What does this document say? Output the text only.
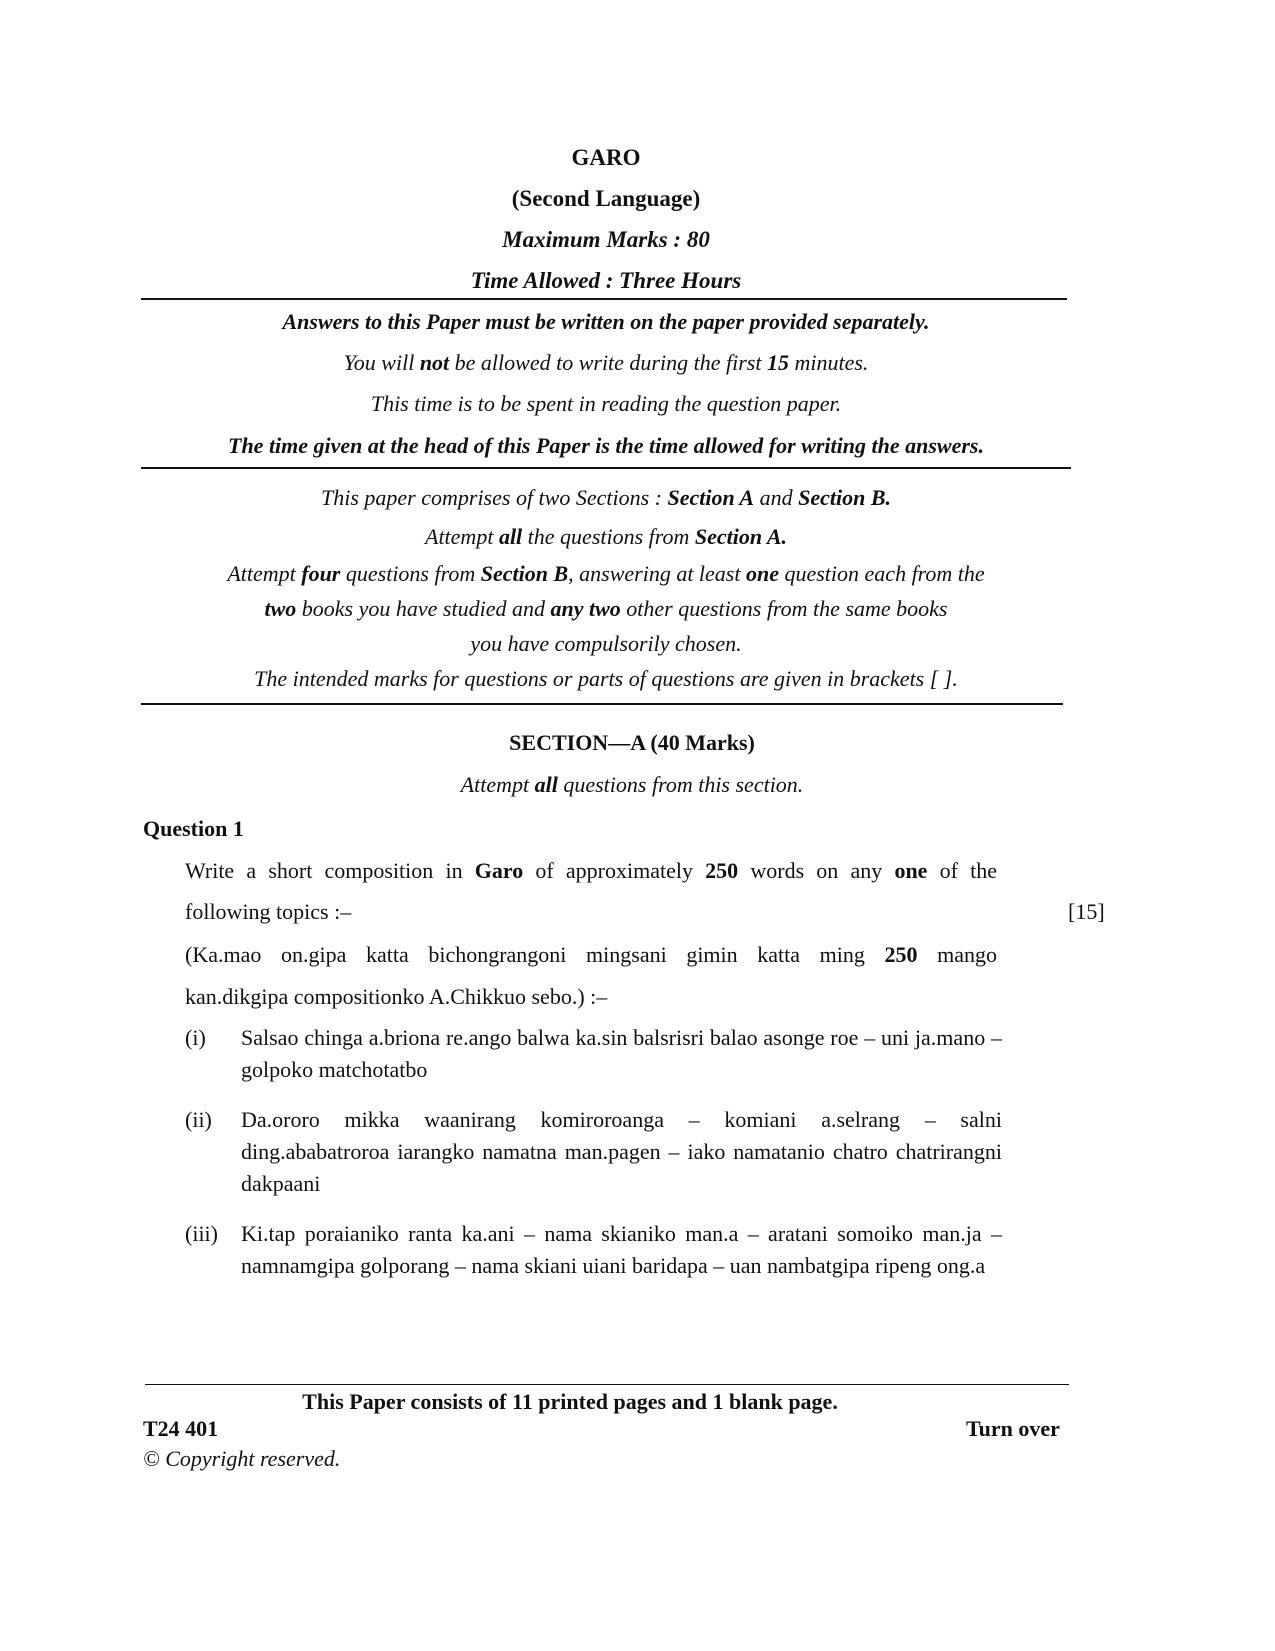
GARO
(Second Language)
Maximum Marks : 80
Time Allowed : Three Hours
Answers to this Paper must be written on the paper provided separately.
You will not be allowed to write during the first 15 minutes.
This time is to be spent in reading the question paper.
The time given at the head of this Paper is the time allowed for writing the answers.
This paper comprises of two Sections : Section A and Section B.
Attempt all the questions from Section A.
Attempt four questions from Section B, answering at least one question each from the
two books you have studied and any two other questions from the same books
you have compulsorily chosen.
The intended marks for questions or parts of questions are given in brackets [ ].
SECTION—A (40 Marks)
Attempt all questions from this section.
Question 1
Write a short composition in Garo of approximately 250 words on any one of the
following topics :–	[15]
(Ka.mao on.gipa katta bichongrangoni mingsani gimin katta ming 250 mango
kan.dikgipa compositionko A.Chikkuo sebo.) :–
(i) Salsao chinga a.briona re.ango balwa ka.sin balsrisri balao asonge roe – uni ja.mano –golpoko matchotatbo
(ii) Da.ororo mikka waanirang komiroroanga – komiani a.selrang – salni ding.ababatroroa iarangko namatna man.pagen – iako namatanio chatro chatrirangni dakpaani
(iii) Ki.tap poraianiko ranta ka.ani – nama skianiko man.a – aratani somoiko man.ja – namnamgipa golporang – nama skiani uiani baridapa – uan nambatgipa ripeng ong.a
This Paper consists of 11 printed pages and 1 blank page.
T24 401	Turn over
© Copyright reserved.
